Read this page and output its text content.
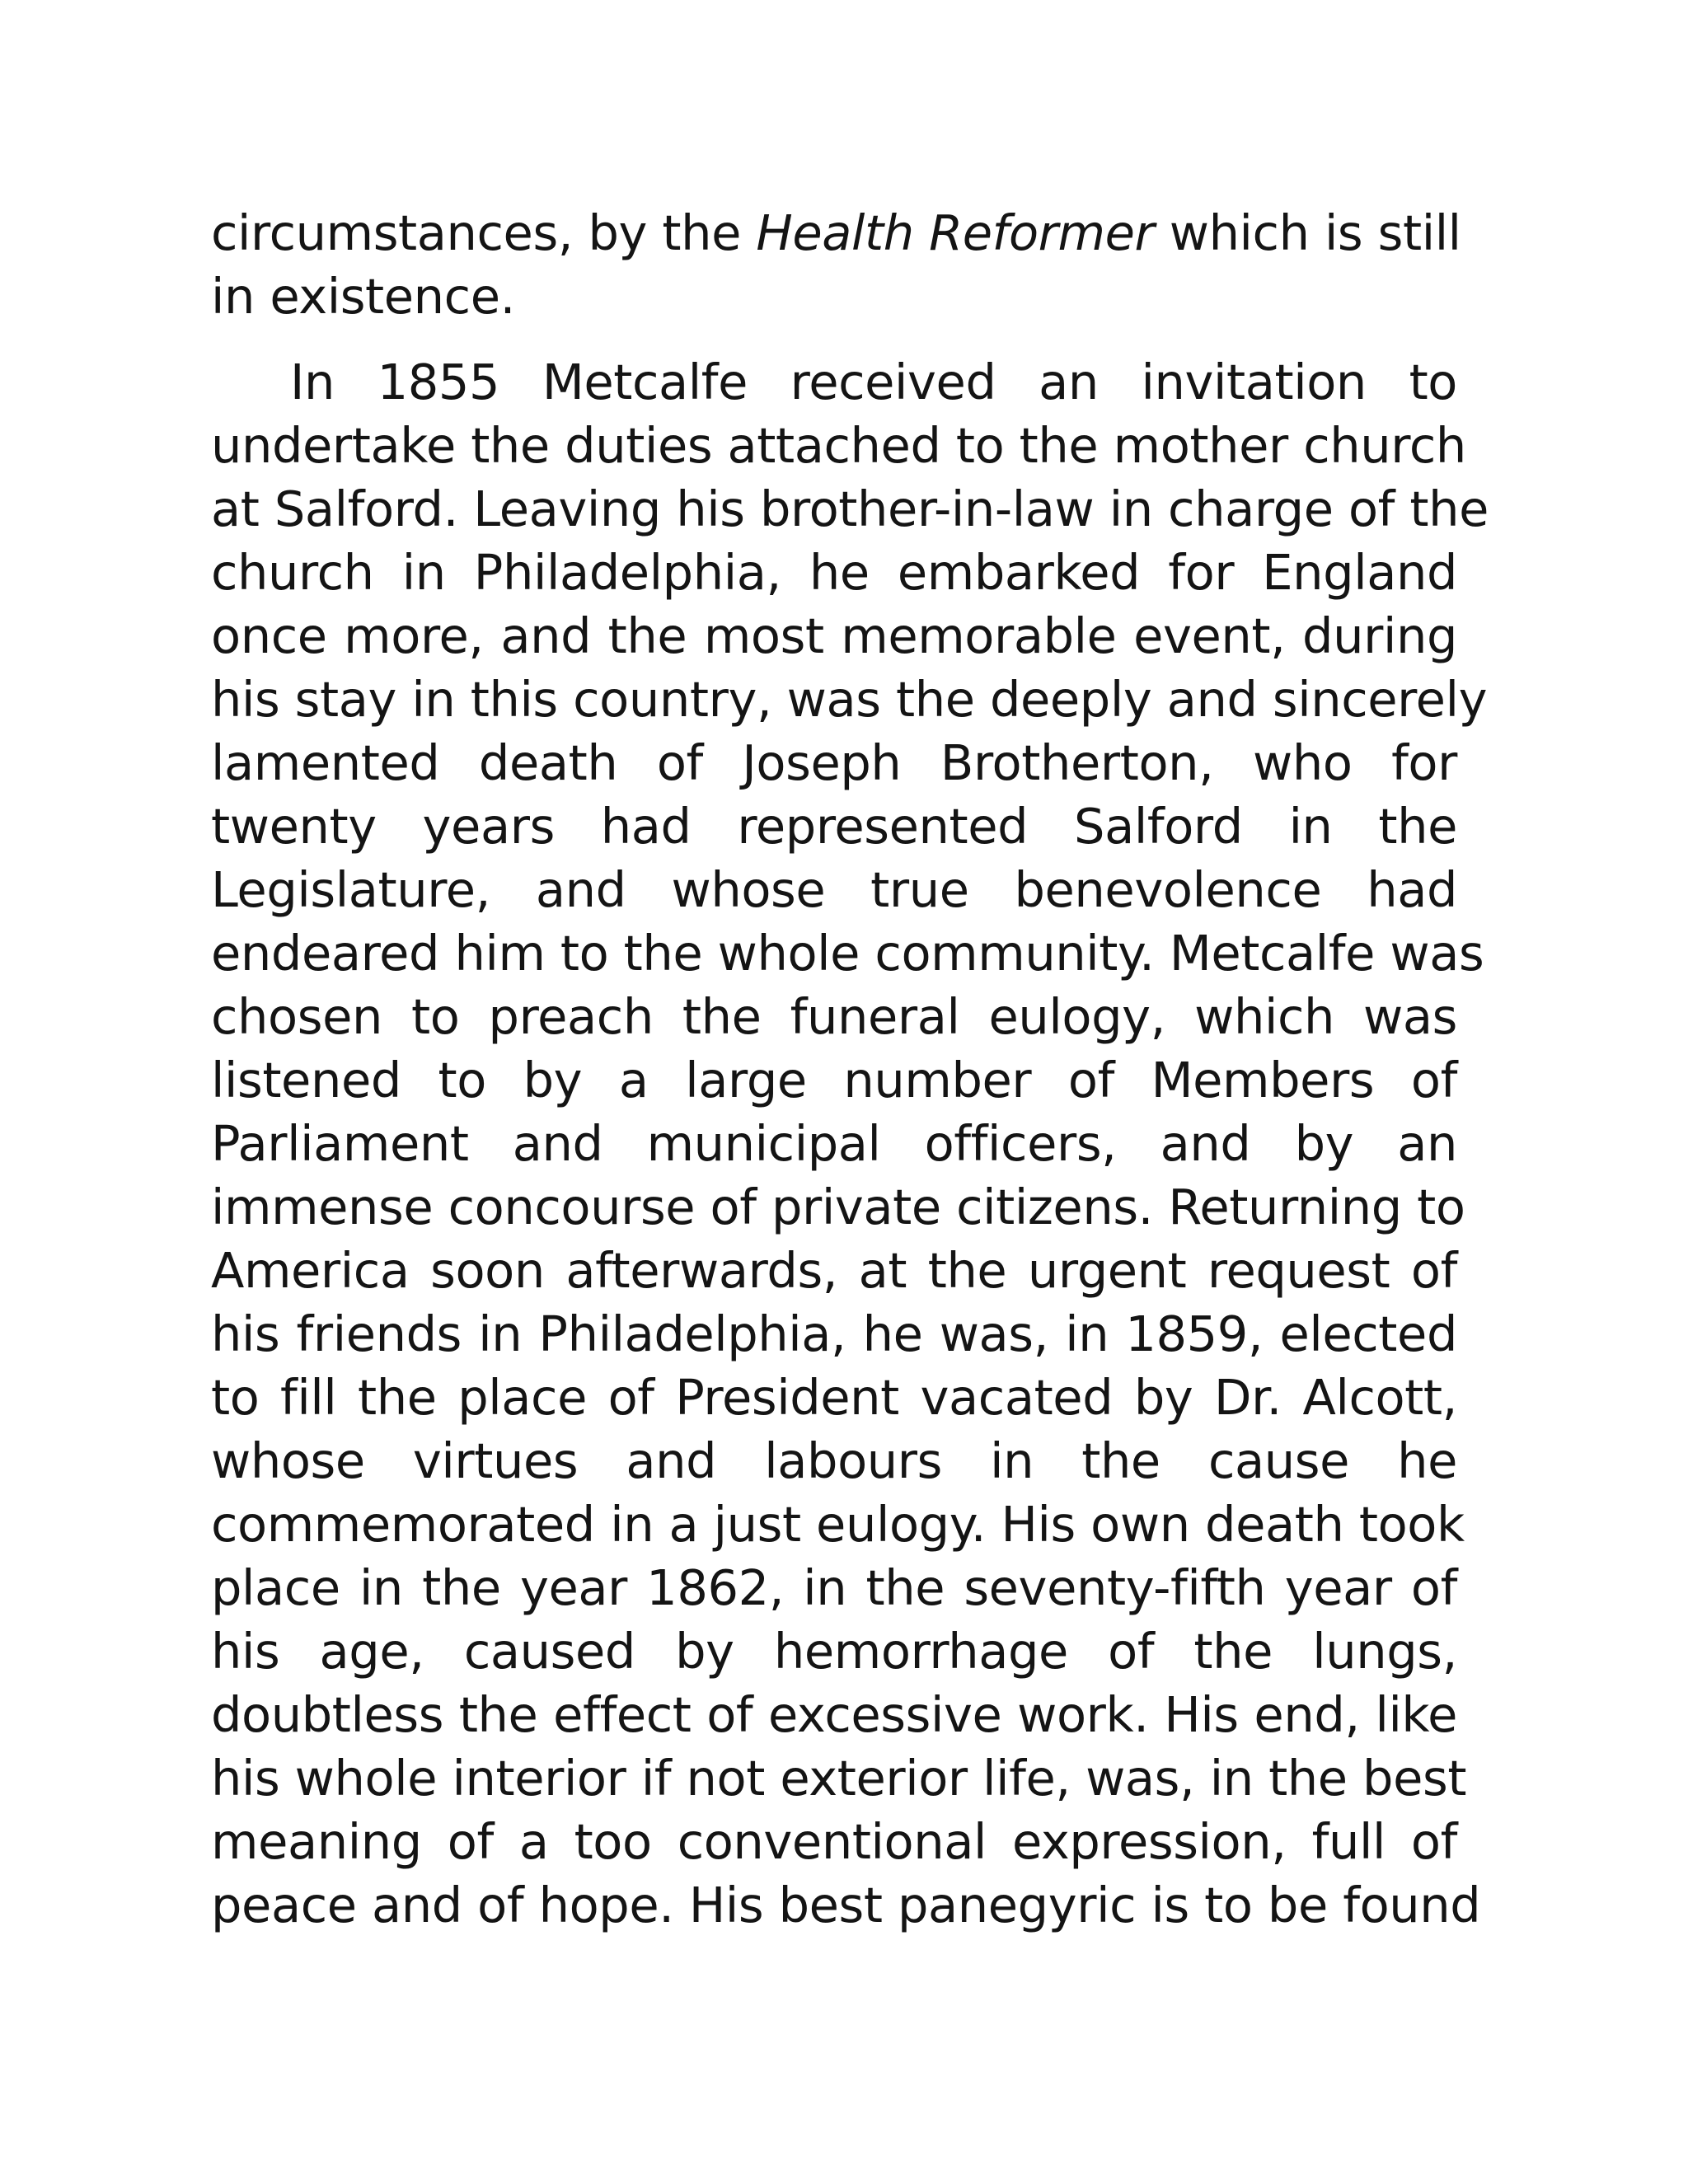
circumstances, by the Health Reformer which is still
in existence.
In 1855 Metcalfe received an invitation to
undertake the duties attached to the mother church
at Salford. Leaving his brother-in-law in charge of the
church in Philadelphia, he embarked for England
once more, and the most memorable event, during
his stay in this country, was the deeply and sincerely
lamented death of Joseph Brotherton, who for
twenty years had represented Salford in the
Legislature, and whose true benevolence had
endeared him to the whole community. Metcalfe was
chosen to preach the funeral eulogy, which was
listened to by a large number of Members of
Parliament and municipal officers, and by an
immense concourse of private citizens. Returning to
America soon afterwards, at the urgent request of
his friends in Philadelphia, he was, in 1859, elected
to fill the place of President vacated by Dr. Alcott,
whose virtues and labours in the cause he
commemorated in a just eulogy. His own death took
place in the year 1862, in the seventy-fifth year of
his age, caused by hemorrhage of the lungs,
doubtless the effect of excessive work. His end, like
his whole interior if not exterior life, was, in the best
meaning of a too conventional expression, full of
peace and of hope. His best panegyric is to be found
